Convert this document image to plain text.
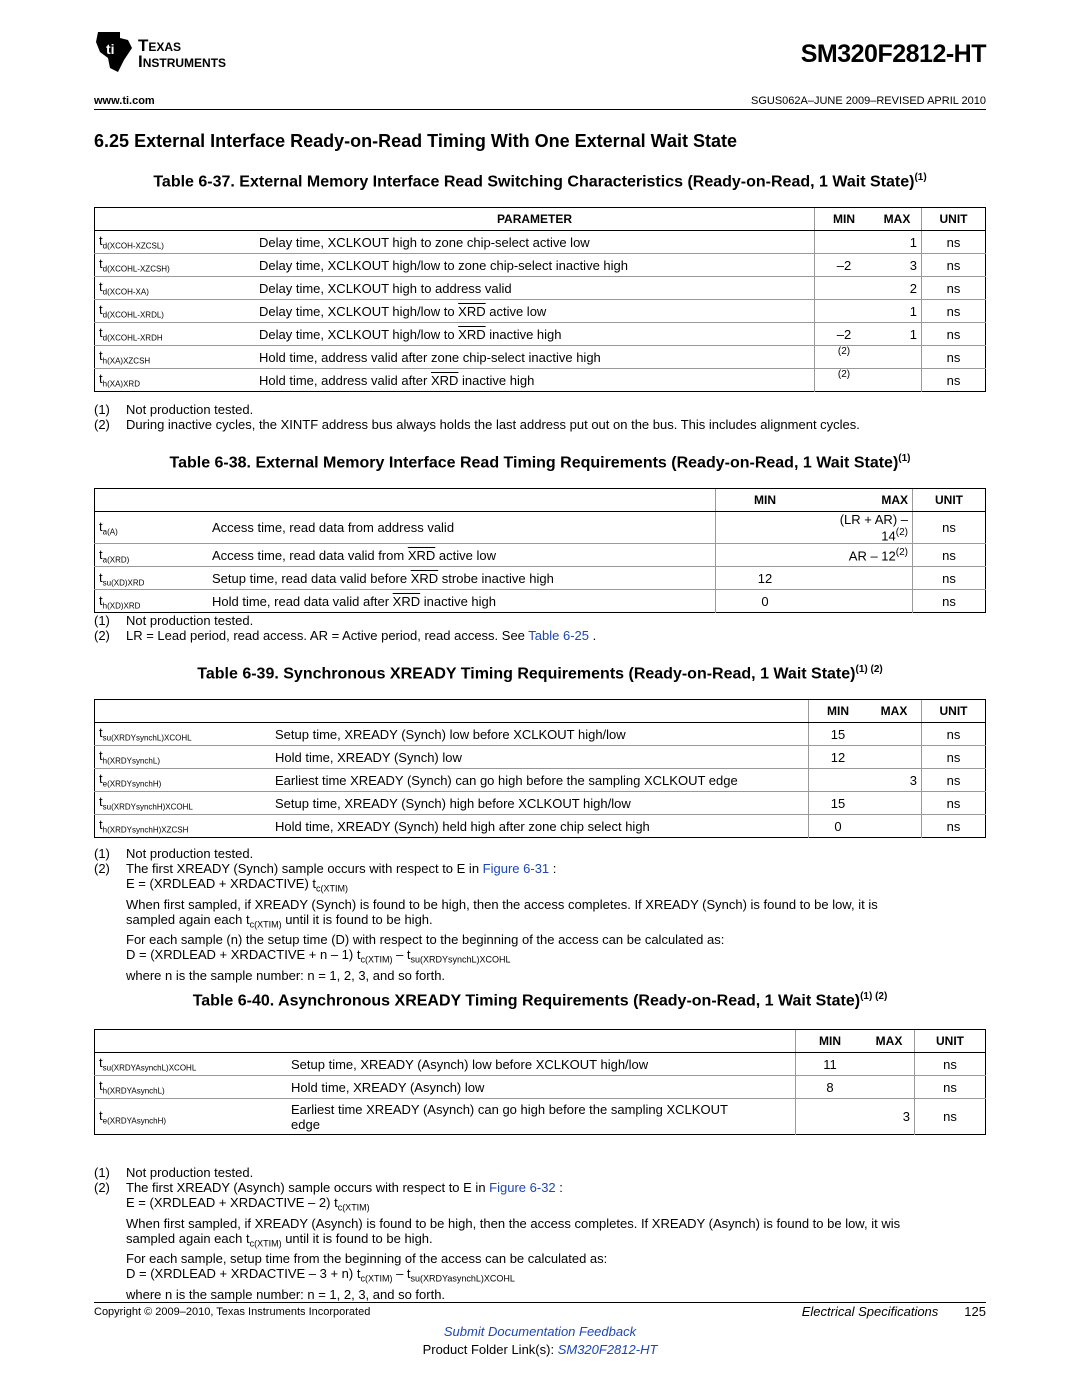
ti Texas
Instruments	SM320F2812-HT
www.ti.com	SGUS062A–JUNE 2009–REVISED APRIL 2010
6.25 External Interface Ready-on-Read Timing With One External Wait State
Table 6-37. External Memory Interface Read Switching Characteristics (Ready-on-Read, 1 Wait State)$^{(1)}$
	PARAMETER	MIN	MAX	UNIT
$t_{d(XCOH-XZCSL)}$	Delay time, XCLKOUT high to zone chip-select active low		1	ns
$t_{d(XCOHL-XZCSH)}$	Delay time, XCLKOUT high/low to zone chip-select inactive high	–2	3	ns
$t_{d(XCOH-XA)}$	Delay time, XCLKOUT high to address valid		2	ns
$t_{d(XCOHL-XRDL)}$	Delay time, XCLKOUT high/low to $\overline{XRD}$ active low		1	ns
$t_{d(XCOHL-XRDH}$	Delay time, XCLKOUT high/low to $\overline{XRD}$ inactive high	–2	1	ns
$t_{h(XA)XZCSH}$	Hold time, address valid after zone chip-select inactive high	$^{(2)}$		ns
$t_{h(XA)XRD}$	Hold time, address valid after $\overline{XRD}$ inactive high	$^{(2)}$		ns
(1) Not production tested.
(2) During inactive cycles, the XINTF address bus always holds the last address put out on the bus. This includes alignment cycles.
Table 6-38. External Memory Interface Read Timing Requirements (Ready-on-Read, 1 Wait State)$^{(1)}$
		MIN	MAX	UNIT
$t_{a(A)}$	Access time, read data from address valid		(LR + AR) – 14$^{(2)}$	ns
$t_{a(XRD)}$	Access time, read data valid from $\overline{XRD}$ active low		AR – 12$^{(2)}$	ns
$t_{su(XD)XRD}$	Setup time, read data valid before $\overline{XRD}$ strobe inactive high	12		ns
$t_{h(XD)XRD}$	Hold time, read data valid after $\overline{XRD}$ inactive high	0		ns
(1) Not production tested.
(2) LR = Lead period, read access. AR = Active period, read access. See Table 6-25 .
Table 6-39. Synchronous XREADY Timing Requirements (Ready-on-Read, 1 Wait State)$^{(1) (2)}$
		MIN	MAX	UNIT
$t_{su(XRDYsynchL)XCOHL}$	Setup time, XREADY (Synch) low before XCLKOUT high/low	15		ns
$t_{h(XRDYsynchL)}$	Hold time, XREADY (Synch) low	12		ns
$t_{e(XRDYsynchH)}$	Earliest time XREADY (Synch) can go high before the sampling XCLKOUT edge		3	ns
$t_{su(XRDYsynchH)XCOHL}$	Setup time, XREADY (Synch) high before XCLKOUT high/low	15		ns
$t_{h(XRDYsynchH)XZCSH}$	Hold time, XREADY (Synch) held high after zone chip select high	0		ns
(1) Not production tested.
(2) The first XREADY (Synch) sample occurs with respect to E in Figure 6-31 :
E = (XRDLEAD + XRDACTIVE) $t_{c(XTIM)}$
When first sampled, if XREADY (Synch) is found to be high, then the access completes. If XREADY (Synch) is found to be low, it is
sampled again each $t_{c(XTIM)}$ until it is found to be high.
For each sample (n) the setup time (D) with respect to the beginning of the access can be calculated as:
D = (XRDLEAD + XRDACTIVE + n – 1) $t_{c(XTIM)} - t_{su(XRDYsynchL)XCOHL}$
where n is the sample number: n = 1, 2, 3, and so forth.
Table 6-40. Asynchronous XREADY Timing Requirements (Ready-on-Read, 1 Wait State)$^{(1) (2)}$
		MIN	MAX	UNIT
$t_{su(XRDYAsynchL)XCOHL}$	Setup time, XREADY (Asynch) low before XCLKOUT high/low	11		ns
$t_{h(XRDYAsynchL)}$	Hold time, XREADY (Asynch) low	8		ns
$t_{e(XRDYAsynchH)}$	Earliest time XREADY (Asynch) can go high before the sampling XCLKOUT
edge		3	ns
(1) Not production tested.
(2) The first XREADY (Asynch) sample occurs with respect to E in Figure 6-32 :
E = (XRDLEAD + XRDACTIVE – 2) $t_{c(XTIM)}$
When first sampled, if XREADY (Asynch) is found to be high, then the access completes. If XREADY (Asynch) is found to be low, it wis
sampled again each $t_{c(XTIM)}$ until it is found to be high.
For each sample, setup time from the beginning of the access can be calculated as:
D = (XRDLEAD + XRDACTIVE – 3 + n) $t_{c(XTIM)} - t_{su(XRDYasynchL)XCOHL}$
where n is the sample number: n = 1, 2, 3, and so forth.
Copyright © 2009–2010, Texas Instruments Incorporated	Electrical Specifications 125
Submit Documentation Feedback
Product Folder Link(s): SM320F2812-HT
